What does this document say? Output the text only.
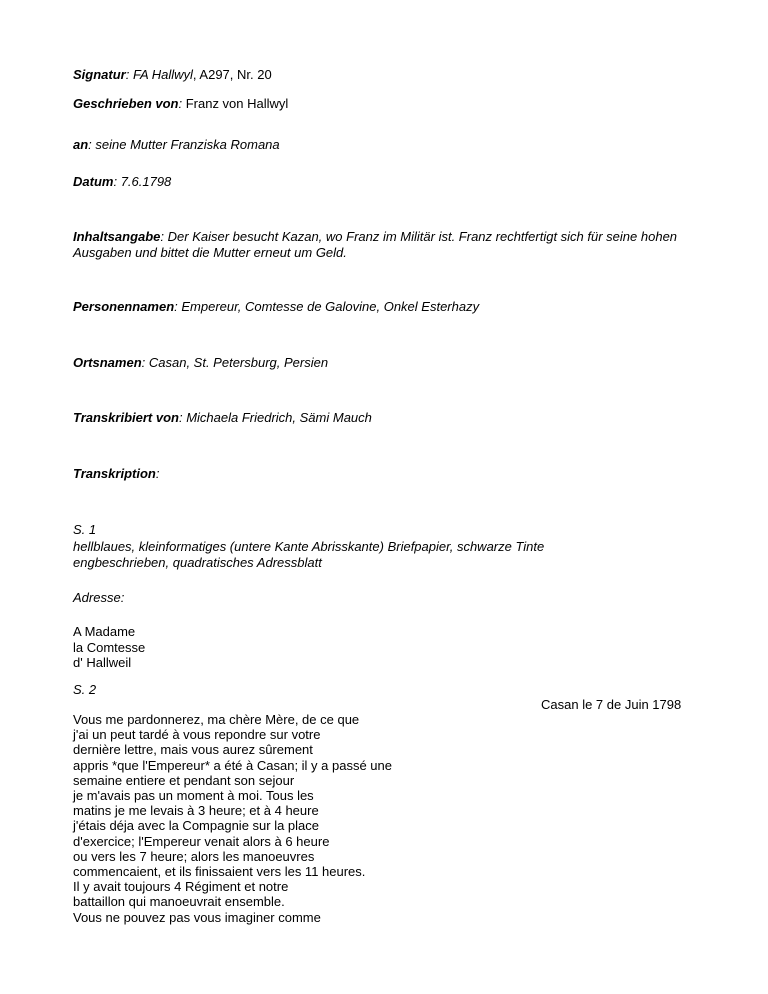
Signatur: FA Hallwyl, A297, Nr. 20
Geschrieben von: Franz von Hallwyl
an: seine Mutter Franziska Romana
Datum: 7.6.1798
Inhaltsangabe: Der Kaiser besucht Kazan, wo Franz im Militär ist. Franz rechtfertigt sich für seine hohen Ausgaben und bittet die Mutter erneut um Geld.
Personennamen: Empereur, Comtesse de Galovine, Onkel Esterhazy
Ortsnamen: Casan, St. Petersburg, Persien
Transkribiert von: Michaela Friedrich, Sämi Mauch
Transkription:
S. 1
hellblaues, kleinformatiges (untere Kante Abrisskante) Briefpapier, schwarze Tinte
engbeschrieben, quadratisches Adressblatt
Adresse:
A Madame
la Comtesse
d' Hallweil
S. 2
Casan le 7 de Juin 1798
Vous me pardonnerez, ma chère Mère, de ce que
j'ai un peut tardé à vous repondre sur votre
dernière lettre, mais vous aurez sûrement
appris *que l'Empereur* a été à Casan; il y a passé une
semaine entiere et pendant son sejour
je m'avais pas un moment à moi. Tous les
matins je me levais à 3 heure; et à 4 heure
j'étais déja avec la Compagnie sur la place
d'exercice; l'Empereur venait alors à 6 heure
ou vers les 7 heure; alors les manoeuvres
commencaient, et ils finissaient vers les 11 heures.
Il y avait toujours 4 Régiment et notre
battaillon qui manoeuvrait ensemble.
Vous ne pouvez pas vous imaginer comme
